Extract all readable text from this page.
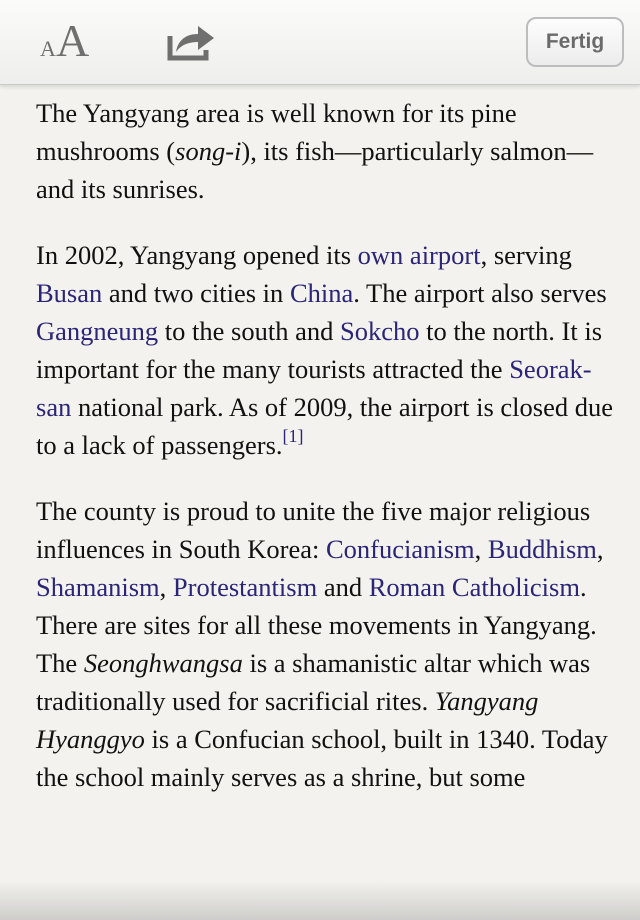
A A	Fertig

The Yangyang area is well known for its pine mushrooms (song-i), its fish—particularly salmon—and its sunrises.

In 2002, Yangyang opened its own airport, serving Busan and two cities in China. The airport also serves Gangneung to the south and Sokcho to the north. It is important for the many tourists attracted the Seorak-san national park. As of 2009, the airport is closed due to a lack of passengers.[1]

The county is proud to unite the five major religious influences in South Korea: Confucianism, Buddhism, Shamanism, Protestantism and Roman Catholicism. There are sites for all these movements in Yangyang. The Seonghwangsa is a shamanistic altar which was traditionally used for sacrificial rites. Yangyang Hyanggyo is a Confucian school, built in 1340. Today the school mainly serves as a shrine, but some
